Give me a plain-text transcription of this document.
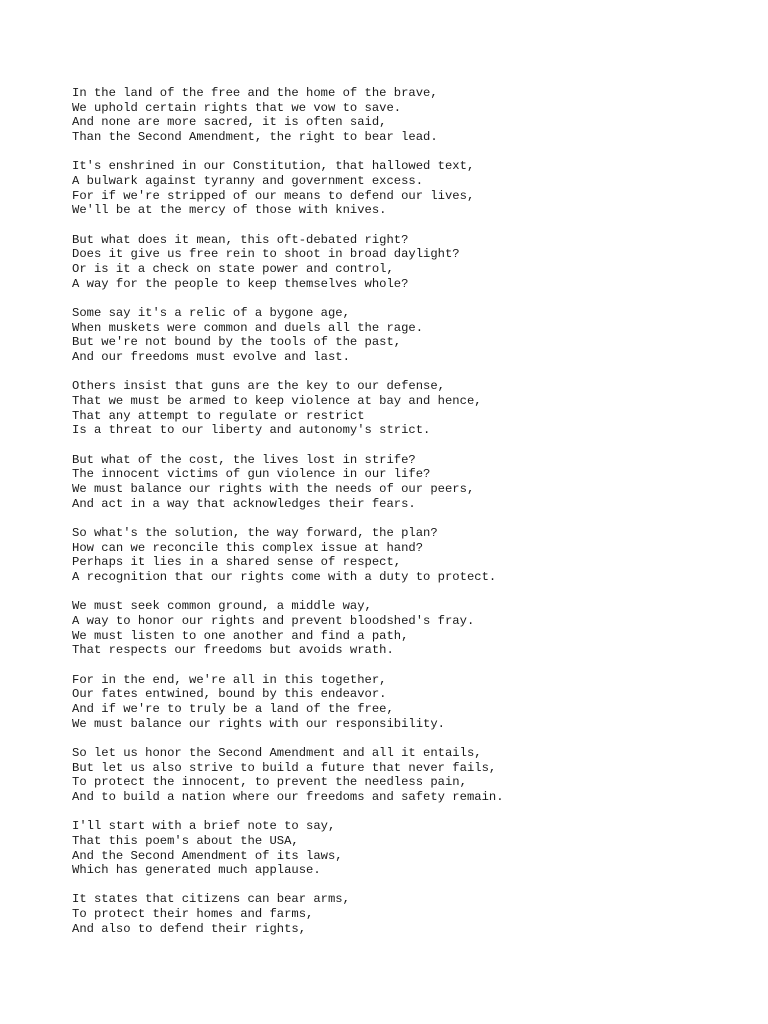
In the land of the free and the home of the brave,
We uphold certain rights that we vow to save.
And none are more sacred, it is often said,
Than the Second Amendment, the right to bear lead.
It's enshrined in our Constitution, that hallowed text,
A bulwark against tyranny and government excess.
For if we're stripped of our means to defend our lives,
We'll be at the mercy of those with knives.
But what does it mean, this oft-debated right?
Does it give us free rein to shoot in broad daylight?
Or is it a check on state power and control,
A way for the people to keep themselves whole?
Some say it's a relic of a bygone age,
When muskets were common and duels all the rage.
But we're not bound by the tools of the past,
And our freedoms must evolve and last.
Others insist that guns are the key to our defense,
That we must be armed to keep violence at bay and hence,
That any attempt to regulate or restrict
Is a threat to our liberty and autonomy's strict.
But what of the cost, the lives lost in strife?
The innocent victims of gun violence in our life?
We must balance our rights with the needs of our peers,
And act in a way that acknowledges their fears.
So what's the solution, the way forward, the plan?
How can we reconcile this complex issue at hand?
Perhaps it lies in a shared sense of respect,
A recognition that our rights come with a duty to protect.
We must seek common ground, a middle way,
A way to honor our rights and prevent bloodshed's fray.
We must listen to one another and find a path,
That respects our freedoms but avoids wrath.
For in the end, we're all in this together,
Our fates entwined, bound by this endeavor.
And if we're to truly be a land of the free,
We must balance our rights with our responsibility.
So let us honor the Second Amendment and all it entails,
But let us also strive to build a future that never fails,
To protect the innocent, to prevent the needless pain,
And to build a nation where our freedoms and safety remain.
I'll start with a brief note to say,
That this poem's about the USA,
And the Second Amendment of its laws,
Which has generated much applause.
It states that citizens can bear arms,
To protect their homes and farms,
And also to defend their rights,
